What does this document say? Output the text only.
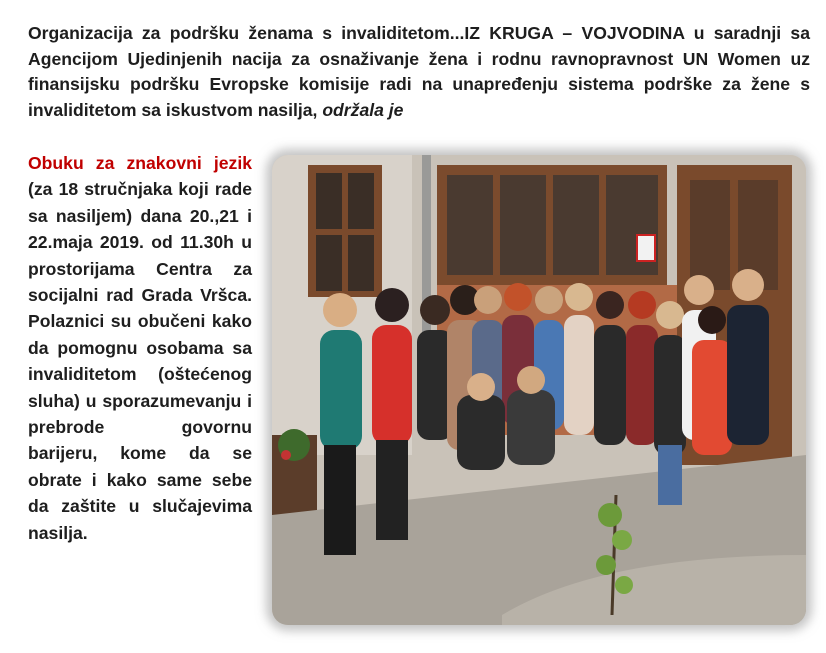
Organizacija za podršku ženama s invaliditetom...IZ KRUGA – VOJVODINA u saradnji sa Agencijom Ujedinjenih nacija za osnaživanje žena i rodnu ravnopravnost UN Women uz finansijsku podršku Evropske komisije radi na unapređenju sistema podrške za žene s invaliditetom sa iskustvom nasilja, održala je
Obuku za znakovni jezik (za 18 stručnjaka koji rade sa nasiljem) dana 20.,21 i 22.maja 2019. od 11.30h u prostorijama Centra za socijalni rad Grada Vršca. Polaznici su obučeni kako da pomognu osobama sa invaliditetom (oštećenog sluha) u sporazumevanju i prebrode govornu barijeru, kome da se obrate i kako same sebe da zaštite u slučajevima nasilja.
